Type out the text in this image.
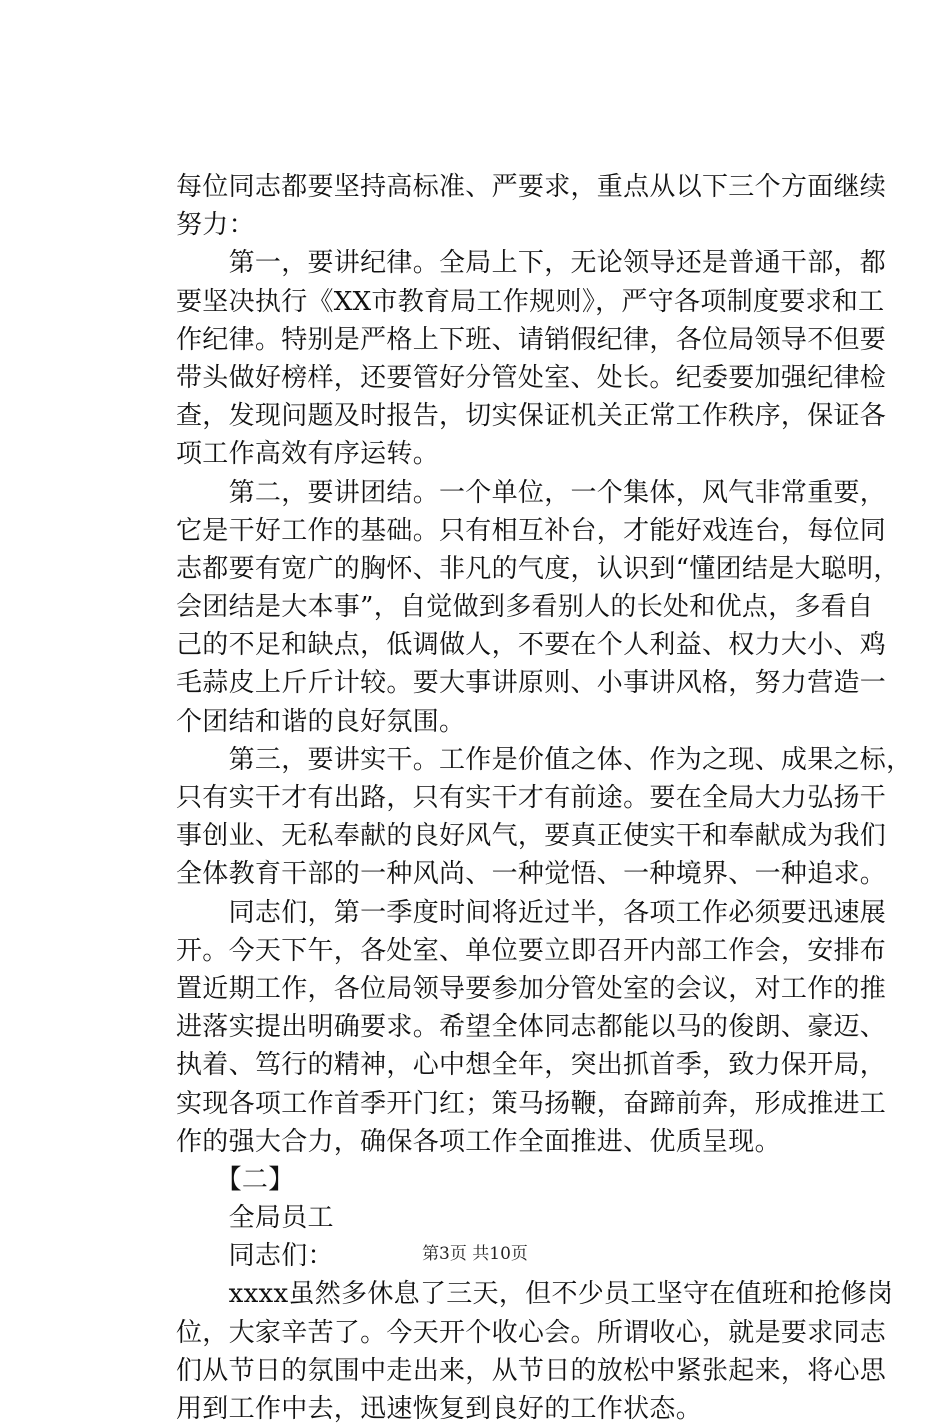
每位同志都要坚持高标准、严要求，重点从以下三个方面继续
努力：
　　第一，要讲纪律。全局上下，无论领导还是普通干部，都
要坚决执行《XX市教育局工作规则》，严守各项制度要求和工
作纪律。特别是严格上下班、请销假纪律，各位局领导不但要
带头做好榜样，还要管好分管处室、处长。纪委要加强纪律检
查，发现问题及时报告，切实保证机关正常工作秩序，保证各
项工作高效有序运转。
　　第二，要讲团结。一个单位，一个集体，风气非常重要，
它是干好工作的基础。只有相互补台，才能好戏连台，每位同
志都要有宽广的胸怀、非凡的气度，认识到“懂团结是大聪明，
会团结是大本事”，自觉做到多看别人的长处和优点，多看自
己的不足和缺点，低调做人，不要在个人利益、权力大小、鸡
毛蒜皮上斤斤计较。要大事讲原则、小事讲风格，努力营造一
个团结和谐的良好氛围。
　　第三，要讲实干。工作是价值之体、作为之现、成果之标，
只有实干才有出路，只有实干才有前途。要在全局大力弘扬干
事创业、无私奉献的良好风气，要真正使实干和奉献成为我们
全体教育干部的一种风尚、一种觉悟、一种境界、一种追求。
　　同志们，第一季度时间将近过半，各项工作必须要迅速展
开。今天下午，各处室、单位要立即召开内部工作会，安排布
置近期工作，各位局领导要参加分管处室的会议，对工作的推
进落实提出明确要求。希望全体同志都能以马的俊朗、豪迈、
执着、笃行的精神，心中想全年，突出抓首季，致力保开局，
实现各项工作首季开门红；策马扬鞭，奋蹄前奔，形成推进工
作的强大合力，确保各项工作全面推进、优质呈现。
　　【二】
　　全局员工
　　同志们：
　　xxxx虽然多休息了三天，但不少员工坚守在值班和抢修岗
位，大家辛苦了。今天开个收心会。所谓收心，就是要求同志
们从节日的氛围中走出来，从节日的放松中紧张起来，将心思
用到工作中去，迅速恢复到良好的工作状态。
第3页 共10页
